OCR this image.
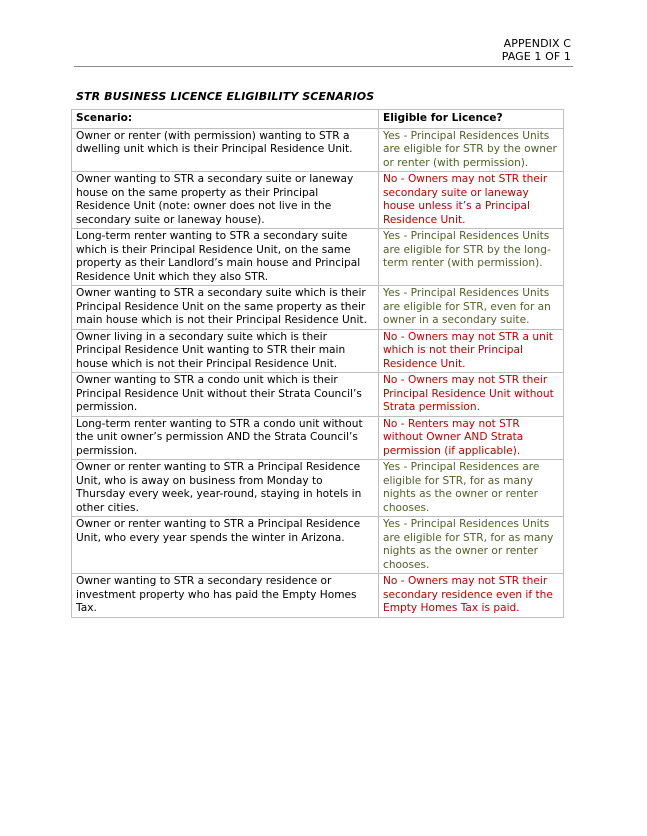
APPENDIX C
PAGE 1 OF 1
STR BUSINESS LICENCE ELIGIBILITY SCENARIOS
Scenario:	Eligible for Licence?
Owner or renter (with permission) wanting to STR a dwelling unit which is their Principal Residence Unit.	Yes - Principal Residences Units are eligible for STR by the owner or renter (with permission).
Owner wanting to STR a secondary suite or laneway house on the same property as their Principal Residence Unit (note: owner does not live in the secondary suite or laneway house).	No - Owners may not STR their secondary suite or laneway house unless it’s a Principal Residence Unit.
Long-term renter wanting to STR a secondary suite which is their Principal Residence Unit, on the same property as their Landlord’s main house and Principal Residence Unit which they also STR.	Yes - Principal Residences Units are eligible for STR by the long-term renter (with permission).
Owner wanting to STR a secondary suite which is their Principal Residence Unit on the same property as their main house which is not their Principal Residence Unit.	Yes - Principal Residences Units are eligible for STR, even for an owner in a secondary suite.
Owner living in a secondary suite which is their Principal Residence Unit wanting to STR their main house which is not their Principal Residence Unit.	No - Owners may not STR a unit which is not their Principal Residence Unit.
Owner wanting to STR a condo unit which is their Principal Residence Unit without their Strata Council’s permission.	No - Owners may not STR their Principal Residence Unit without Strata permission.
Long-term renter wanting to STR a condo unit without the unit owner’s permission AND the Strata Council’s permission.	No - Renters may not STR without Owner AND Strata permission (if applicable).
Owner or renter wanting to STR a Principal Residence Unit, who is away on business from Monday to Thursday every week, year-round, staying in hotels in other cities.	Yes - Principal Residences are eligible for STR, for as many nights as the owner or renter chooses.
Owner or renter wanting to STR a Principal Residence Unit, who every year spends the winter in Arizona.	Yes - Principal Residences Units are eligible for STR, for as many nights as the owner or renter chooses.
Owner wanting to STR a secondary residence or investment property who has paid the Empty Homes Tax.	No - Owners may not STR their secondary residence even if the Empty Homes Tax is paid.
